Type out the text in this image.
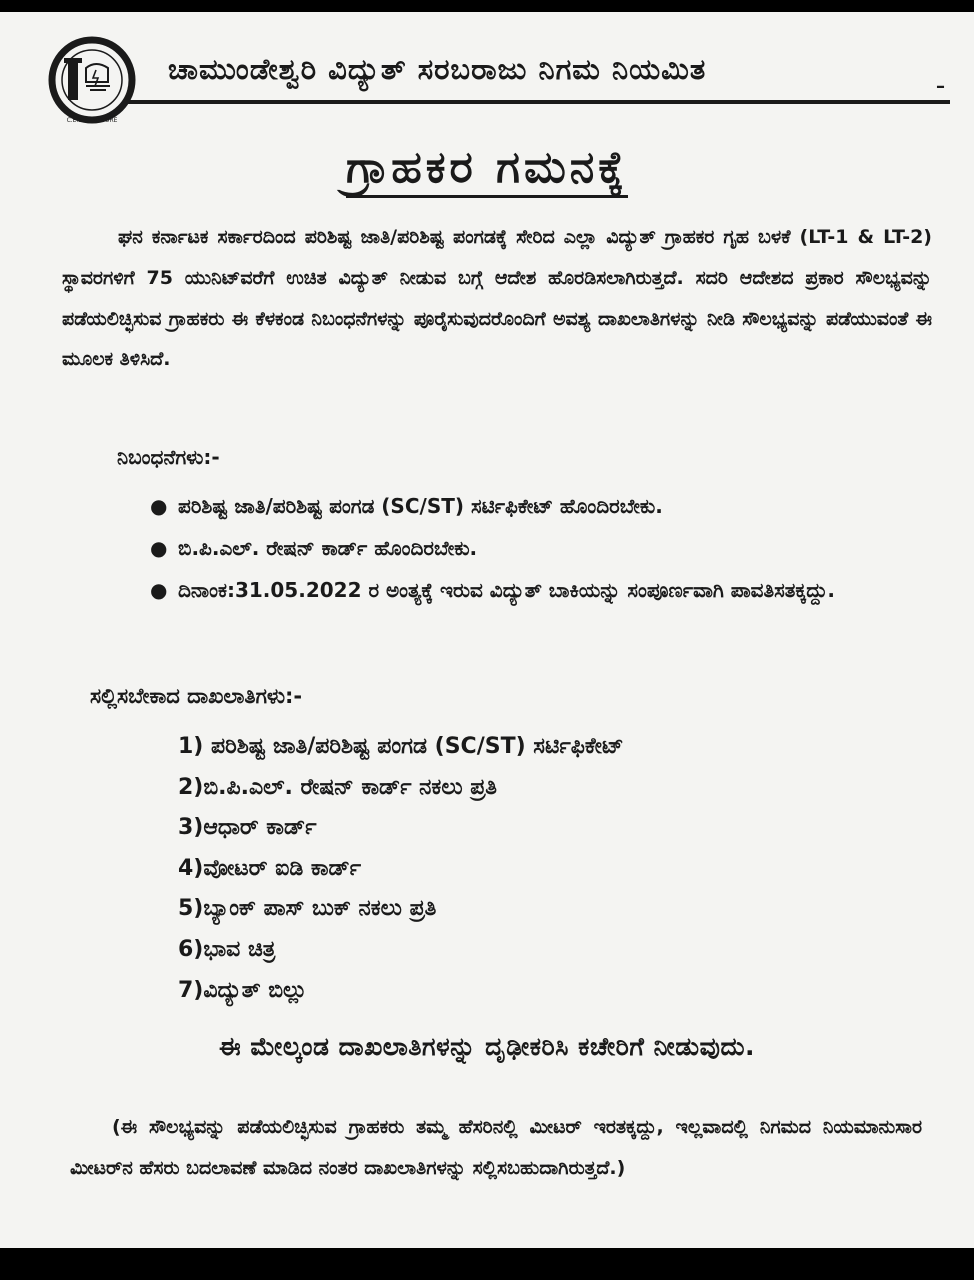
C.E.S.C. MYSORE
ಚಾಮುಂಡೇಶ್ವರಿ ವಿದ್ಯುತ್ ಸರಬರಾಜು ನಿಗಮ ನಿಯಮಿತ
–
ಗ್ರಾಹಕರ ಗಮನಕ್ಕೆ
ಘನ ಕರ್ನಾಟಕ ಸರ್ಕಾರದಿಂದ ಪರಿಶಿಷ್ಟ ಜಾತಿ/ಪರಿಶಿಷ್ಟ ಪಂಗಡಕ್ಕೆ ಸೇರಿದ ಎಲ್ಲಾ ವಿದ್ಯುತ್ ಗ್ರಾಹಕರ ಗೃಹ ಬಳಕೆ (LT-1 & LT-2) ಸ್ಥಾವರಗಳಿಗೆ 75 ಯುನಿಟ್‌ವರೆಗೆ ಉಚಿತ ವಿದ್ಯುತ್ ನೀಡುವ ಬಗ್ಗೆ ಆದೇಶ ಹೊರಡಿಸಲಾಗಿರುತ್ತದೆ. ಸದರಿ ಆದೇಶದ ಪ್ರಕಾರ ಸೌಲಭ್ಯವನ್ನು ಪಡೆಯಲಿಚ್ಛಿಸುವ ಗ್ರಾಹಕರು ಈ ಕೆಳಕಂಡ ನಿಬಂಧನೆಗಳನ್ನು ಪೂರೈಸುವುದರೊಂದಿಗೆ ಅವಶ್ಯ ದಾಖಲಾತಿಗಳನ್ನು ನೀಡಿ ಸೌಲಭ್ಯವನ್ನು ಪಡೆಯುವಂತೆ ಈ ಮೂಲಕ ತಿಳಿಸಿದೆ.
ನಿಬಂಧನೆಗಳು:-
● ಪರಿಶಿಷ್ಟ ಜಾತಿ/ಪರಿಶಿಷ್ಟ ಪಂಗಡ (SC/ST) ಸರ್ಟಿಫಿಕೇಟ್ ಹೊಂದಿರಬೇಕು.
● ಬಿ.ಪಿ.ಎಲ್. ರೇಷನ್ ಕಾರ್ಡ್ ಹೊಂದಿರಬೇಕು.
● ದಿನಾಂಕ:31.05.2022 ರ ಅಂತ್ಯಕ್ಕೆ ಇರುವ ವಿದ್ಯುತ್ ಬಾಕಿಯನ್ನು ಸಂಪೂರ್ಣವಾಗಿ ಪಾವತಿಸತಕ್ಕದ್ದು.
ಸಲ್ಲಿಸಬೇಕಾದ ದಾಖಲಾತಿಗಳು:-
1) ಪರಿಶಿಷ್ಟ ಜಾತಿ/ಪರಿಶಿಷ್ಟ ಪಂಗಡ (SC/ST) ಸರ್ಟಿಫಿಕೇಟ್
2)ಬಿ.ಪಿ.ಎಲ್. ರೇಷನ್ ಕಾರ್ಡ್ ನಕಲು ಪ್ರತಿ
3)ಆಧಾರ್ ಕಾರ್ಡ್
4)ವೋಟರ್ ಐಡಿ ಕಾರ್ಡ್
5)ಬ್ಯಾಂಕ್ ಪಾಸ್ ಬುಕ್ ನಕಲು ಪ್ರತಿ
6)ಭಾವ ಚಿತ್ರ
7)ವಿದ್ಯುತ್ ಬಿಲ್ಲು
ಈ ಮೇಲ್ಕಂಡ ದಾಖಲಾತಿಗಳನ್ನು ದೃಢೀಕರಿಸಿ ಕಚೇರಿಗೆ ನೀಡುವುದು.
(ಈ ಸೌಲಭ್ಯವನ್ನು ಪಡೆಯಲಿಚ್ಛಿಸುವ ಗ್ರಾಹಕರು ತಮ್ಮ ಹೆಸರಿನಲ್ಲಿ ಮೀಟರ್ ಇರತಕ್ಕದ್ದು, ಇಲ್ಲವಾದಲ್ಲಿ ನಿಗಮದ ನಿಯಮಾನುಸಾರ ಮೀಟರ್‌ನ ಹೆಸರು ಬದಲಾವಣೆ ಮಾಡಿದ ನಂತರ ದಾಖಲಾತಿಗಳನ್ನು ಸಲ್ಲಿಸಬಹುದಾಗಿರುತ್ತದೆ.)
